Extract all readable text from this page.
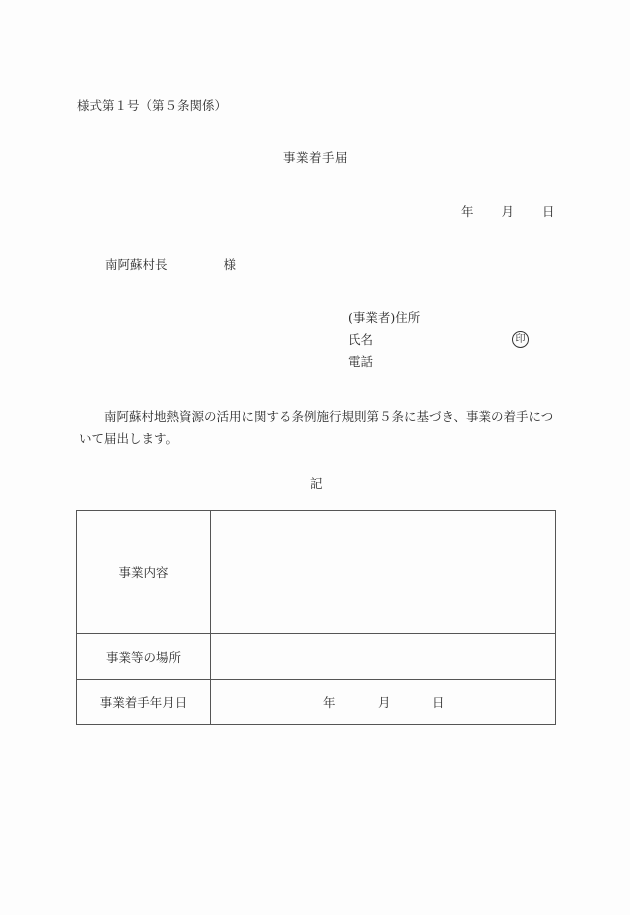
様式第１号（第５条関係）
事業着手届
年 月 日
南阿蘇村長	様
(事業者)住所
氏名
電話
印
南阿蘇村地熱資源の活用に関する条例施行規則第５条に基づき、事業の着手について届出します。
記
事業内容	
事業等の場所	
事業着手年月日	年 月 日
